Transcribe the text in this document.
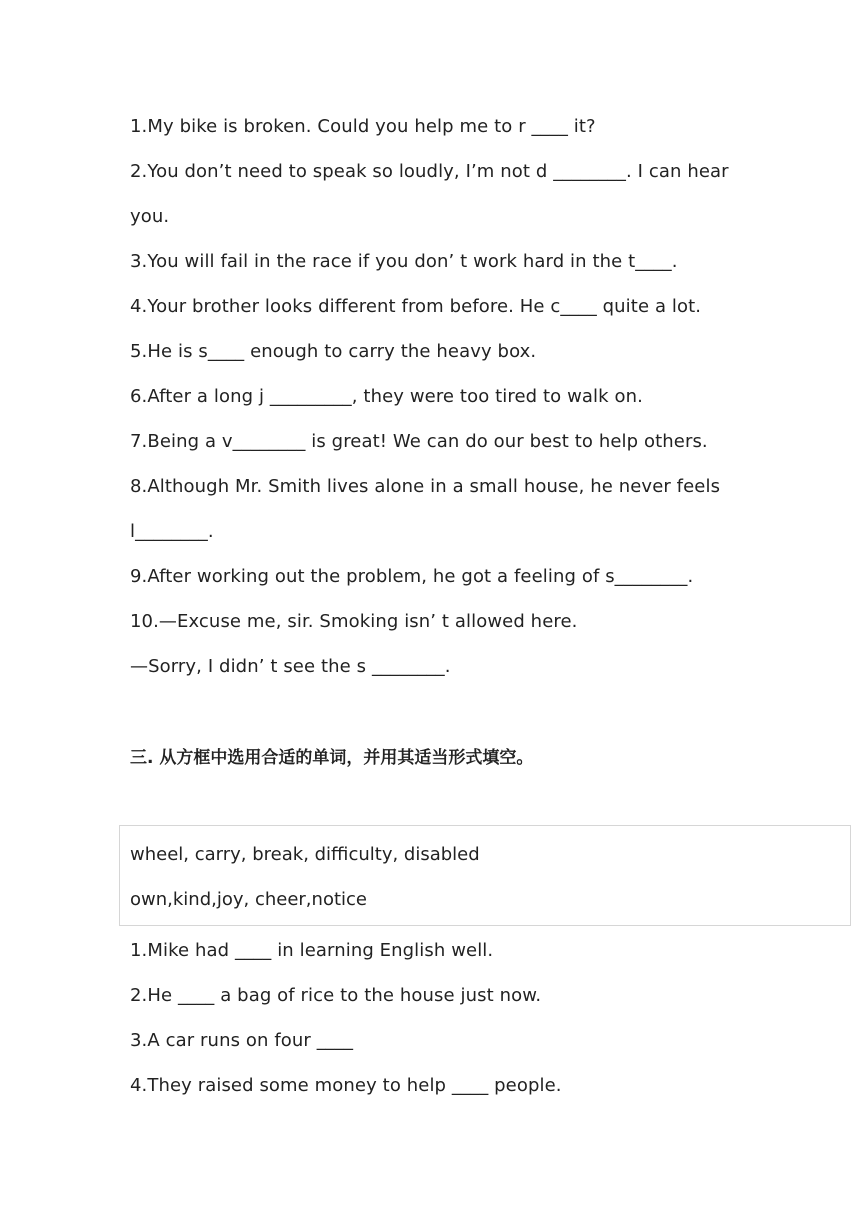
1.My bike is broken. Could you help me to r ____ it?
2.You don’t need to speak so loudly, I’m not d ________. I can hear
you.
3.You will fail in the race if you don’ t work hard in the t____.
4.Your brother looks different from before. He c____ quite a lot.
5.He is s____ enough to carry the heavy box.
6.After a long j _________, they were too tired to walk on.
7.Being a v________ is great! We can do our best to help others.
8.Although Mr. Smith lives alone in a small house, he never feels
l________.
9.After working out the problem, he got a feeling of s________.
10.—Excuse me, sir. Smoking isn’ t allowed here.
—Sorry, I didn’ t see the s ________.
三. 从方框中选用合适的单词，并用其适当形式填空。
wheel, carry, break, difficulty, disabled
own,kind,joy, cheer,notice
1.Mike had ____ in learning English well.
2.He ____ a bag of rice to the house just now.
3.A car runs on four ____
4.They raised some money to help ____ people.
